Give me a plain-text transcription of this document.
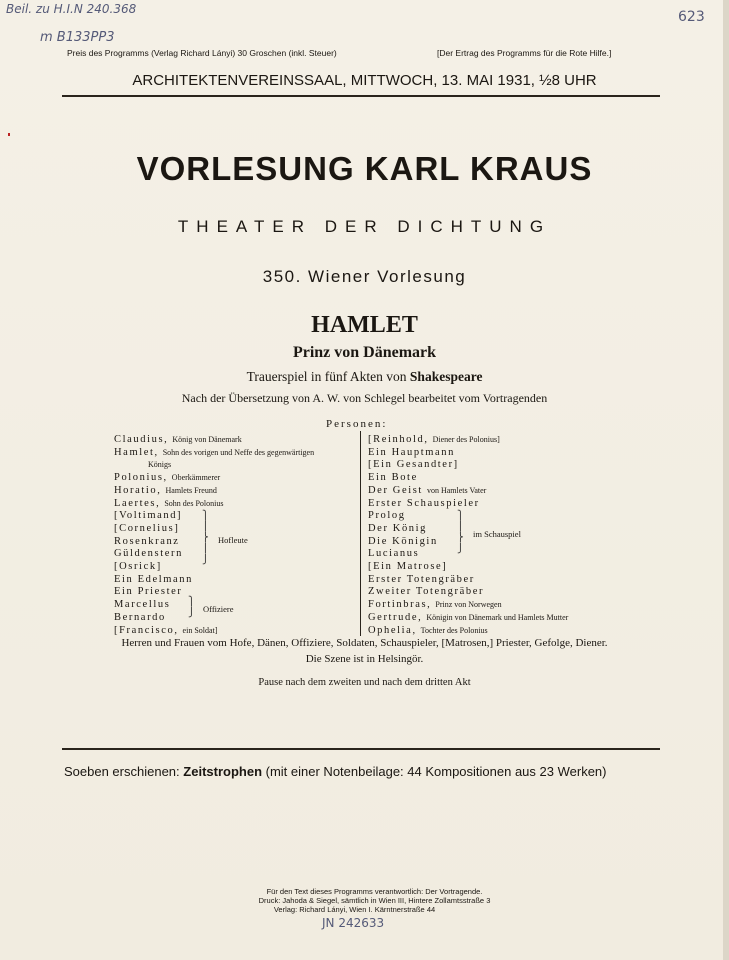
Beil. zu H.I.N 240.368
m B133PP3
623
Preis des Programms (Verlag Richard Lányi) 30 Groschen (inkl. Steuer)	[Der Ertrag des Programms für die Rote Hilfe.]
ARCHITEKTENVEREINSSAAL, MITTWOCH, 13. MAI 1931, ½8 UHR
VORLESUNG KARL KRAUS
THEATER DER DICHTUNG
350. Wiener Vorlesung
HAMLET
Prinz von Dänemark
Trauerspiel in fünf Akten von Shakespeare
Nach der Übersetzung von A. W. von Schlegel bearbeitet vom Vortragenden
Personen:
Claudius, König von Dänemark
Hamlet, Sohn des vorigen und Neffe des gegenwärtigen
Königs
Polonius, Oberkämmerer
Horatio, Hamlets Freund
Laertes, Sohn des Polonius
[Voltimand]
[Cornelius]
Rosenkranz
Güldenstern
[Osrick]
Ein Edelmann
Ein Priester
Marcellus
Bernardo
[Francisco, ein Soldat]
[Reinhold, Diener des Polonius]
Ein Hauptmann
[Ein Gesandter]
Ein Bote
Der Geist von Hamlets Vater
Erster Schauspieler
Prolog
Der König
Die Königin
Lucianus
[Ein Matrose]
Erster Totengräber
Zweiter Totengräber
Fortinbras, Prinz von Norwegen
Gertrude, Königin von Dänemark und Hamlets Mutter
Ophelia, Tochter des Polonius
⎫
⎪
⎬
⎪
⎭
Hofleute
⎫
⎭ Offiziere
⎫
⎪
⎬
⎭
im Schauspiel
Herren und Frauen vom Hofe, Dänen, Offiziere, Soldaten, Schauspieler, [Matrosen,] Priester, Gefolge, Diener.
Die Szene ist in Helsingör.
Pause nach dem zweiten und nach dem dritten Akt
Soeben erschienen: Zeitstrophen (mit einer Notenbeilage: 44 Kompositionen aus 23 Werken)
Für den Text dieses Programms verantwortlich: Der Vortragende.
Druck: Jahoda & Siegel, sämtlich in Wien III, Hintere Zollamtsstraße 3
Verlag: Richard Lányi, Wien I. Kärntnerstraße 44
JN 242633
